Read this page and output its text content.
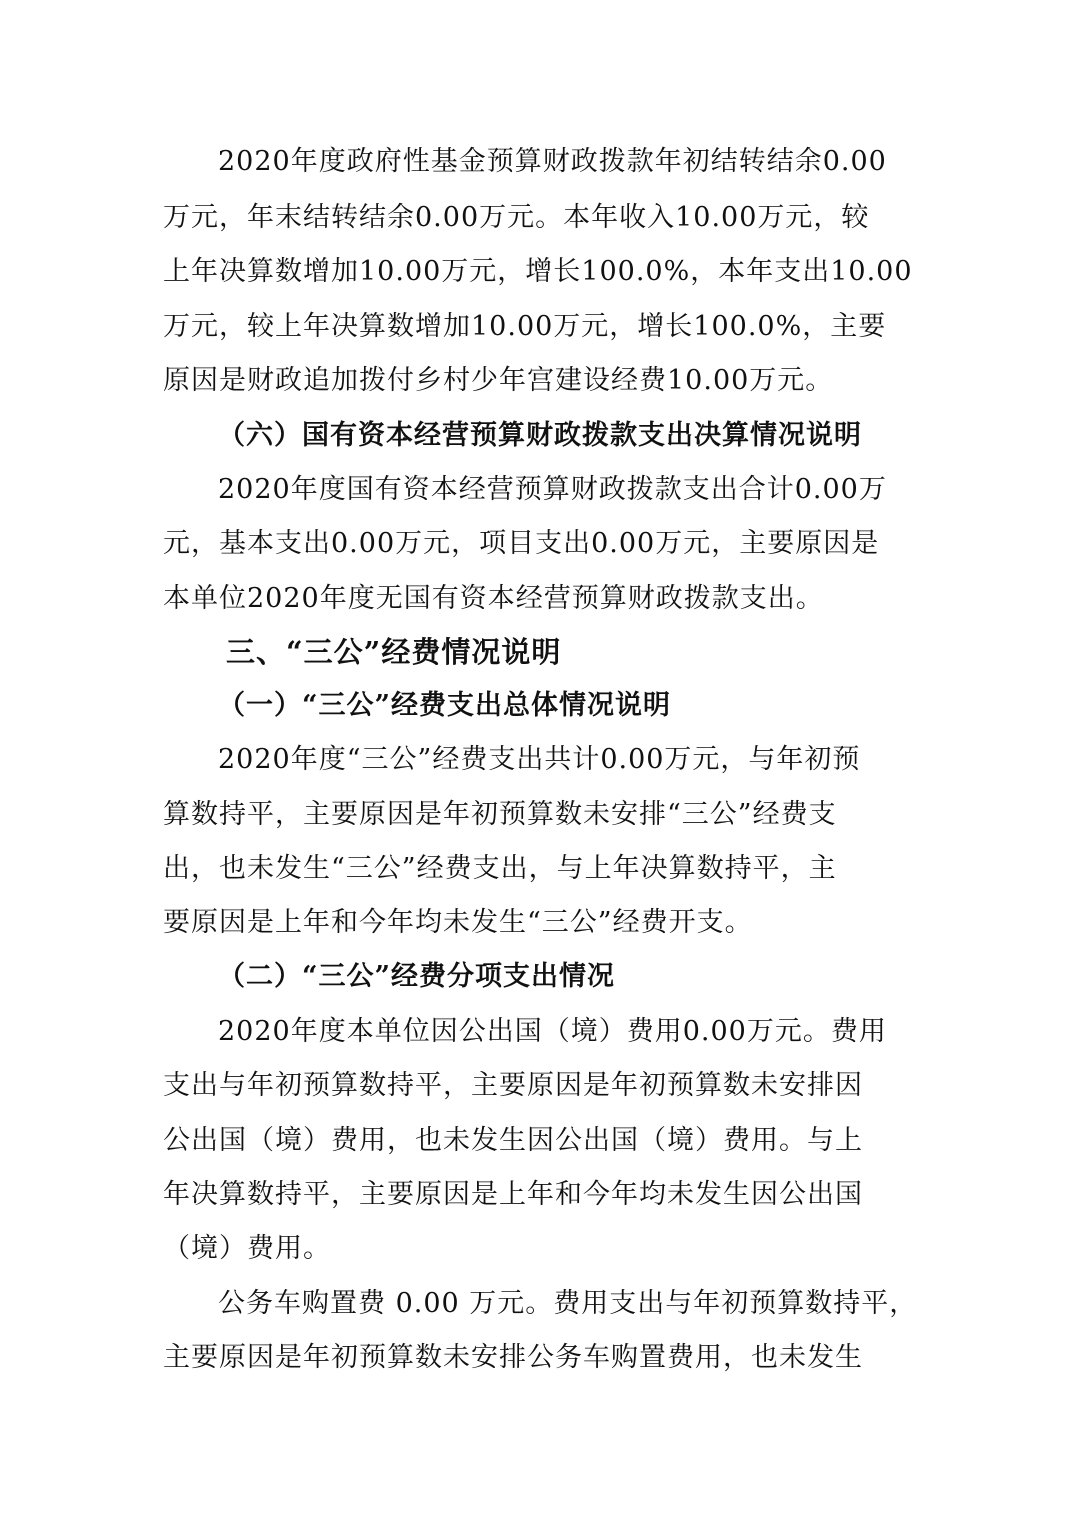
2020年度政府性基金预算财政拨款年初结转结余0.00
万元，年末结转结余0.00万元。本年收入10.00万元，较
上年决算数增加10.00万元，增长100.0%，本年支出10.00
万元，较上年决算数增加10.00万元，增长100.0%，主要
原因是财政追加拨付乡村少年宫建设经费10.00万元。
（六）国有资本经营预算财政拨款支出决算情况说明
2020年度国有资本经营预算财政拨款支出合计0.00万
元，基本支出0.00万元，项目支出0.00万元，主要原因是
本单位2020年度无国有资本经营预算财政拨款支出。
三、“三公”经费情况说明
（一）“三公”经费支出总体情况说明
2020年度“三公”经费支出共计0.00万元，与年初预
算数持平，主要原因是年初预算数未安排“三公”经费支
出，也未发生“三公”经费支出，与上年决算数持平，主
要原因是上年和今年均未发生“三公”经费开支。
（二）“三公”经费分项支出情况
2020年度本单位因公出国（境）费用0.00万元。费用
支出与年初预算数持平，主要原因是年初预算数未安排因
公出国（境）费用，也未发生因公出国（境）费用。与上
年决算数持平，主要原因是上年和今年均未发生因公出国
（境）费用。
公务车购置费 0.00 万元。费用支出与年初预算数持平，
主要原因是年初预算数未安排公务车购置费用，也未发生
